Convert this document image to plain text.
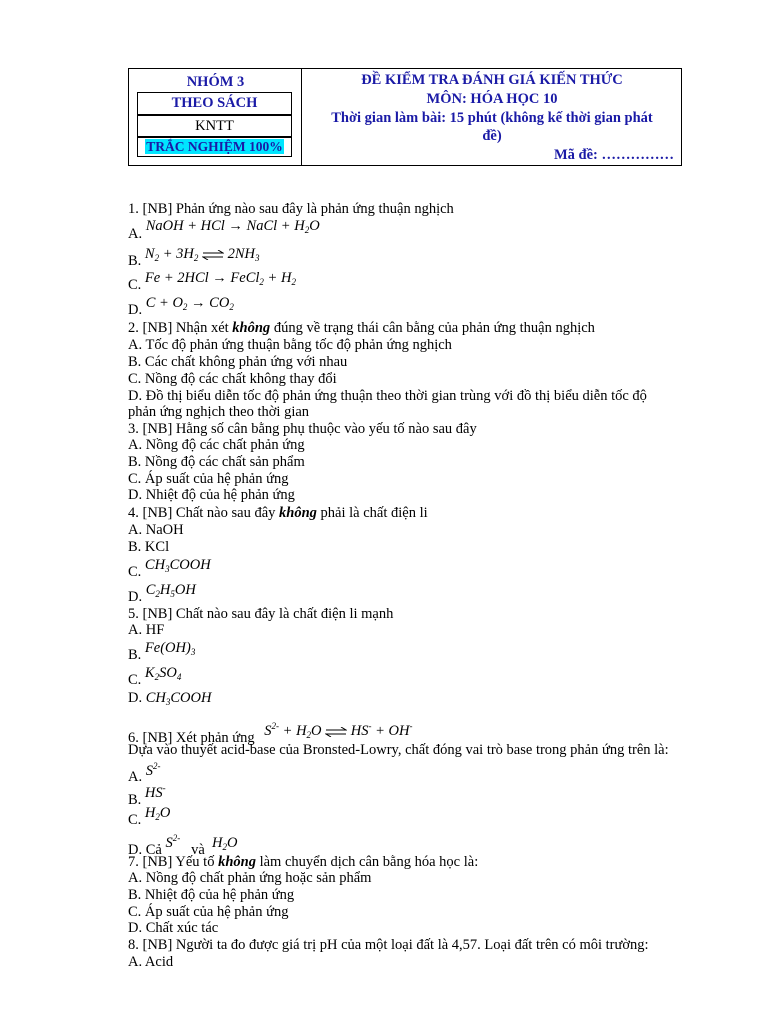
NHÓM 3
THEO SÁCH
KNTT
TRẮC NGHIỆM 100%
ĐỀ KIỂM TRA ĐÁNH GIÁ KIẾN THỨC
MÔN: HÓA HỌC 10
Thời gian làm bài: 15 phút (không kế thời gian phát
đề)
Mã đề: ……………
1. [NB] Phản ứng nào sau đây là phản ứng thuận nghịch
A. NaOH + HCl → NaCl + $H_2O$
B. $N_2 + 3H_2$ ⇌ $2NH_3$
C. Fe + 2HCl → FeCl$_2$ + $H_2$
D. $C + O_2 \to CO_2$
2. [NB] Nhận xét không đúng về trạng thái cân bằng của phản ứng thuận nghịch
A. Tốc độ phản ứng thuận bằng tốc độ phản ứng nghịch
B. Các chất không phản ứng với nhau
C. Nồng độ các chất không thay đổi
D. Đồ thị biểu diễn tốc độ phản ứng thuận theo thời gian trùng với đồ thị biểu diễn tốc độ
phản ứng nghịch theo thời gian
3. [NB] Hằng số cân bằng phụ thuộc vào yếu tố nào sau đây
A. Nồng độ các chất phản ứng
B. Nồng độ các chất sản phẩm
C. Áp suất của hệ phản ứng
D. Nhiệt độ của hệ phản ứng
4. [NB] Chất nào sau đây không phải là chất điện li
A. NaOH
B. KCl
C. $CH_3COOH$
D. $C_2H_5OH$
5. [NB] Chất nào sau đây là chất điện li mạnh
A. HF
B. $Fe(OH)_3$
C. $K_2SO_4$
D. $CH_3COOH$
6. [NB] Xét phản ứng $S^{2-} + H_2O$ ⇌ HS- + OH-
Dựa vào thuyết acid-base của Bronsted-Lowry, chất đóng vai trò base trong phản ứng trên là:
A. $S^{2-}$
B. HS-
C. $H_2O$
D. Cả $S^{2-}$   và $H_2O$
7. [NB] Yếu tố không làm chuyển dịch cân bằng hóa học là:
A. Nồng độ chất phản ứng hoặc sản phẩm
B. Nhiệt độ của hệ phản ứng
C. Áp suất của hệ phản ứng
D. Chất xúc tác
8. [NB] Người ta đo được giá trị pH của một loại đất là 4,57. Loại đất trên có môi trường:
A. Acid
